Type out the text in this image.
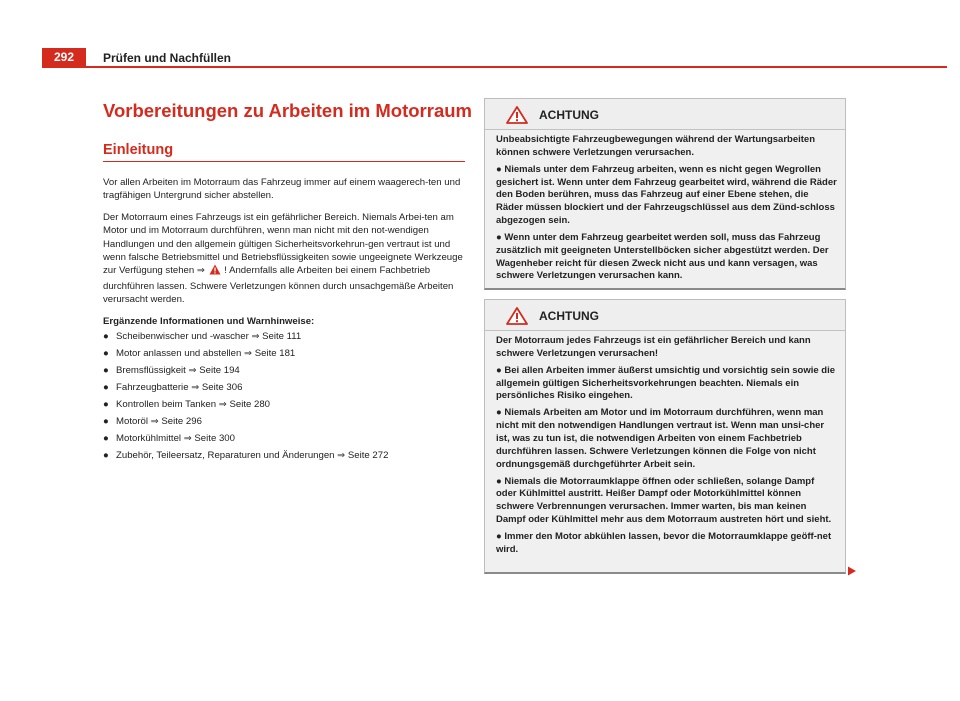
292	Prüfen und Nachfüllen
Vorbereitungen zu Arbeiten im Motorraum
Einleitung

Vor allen Arbeiten im Motorraum das Fahrzeug immer auf einem waagerech-ten und tragfähigen Untergrund sicher abstellen.

Der Motorraum eines Fahrzeugs ist ein gefährlicher Bereich. Niemals Arbei-ten am Motor und im Motorraum durchführen, wenn man nicht mit den not-wendigen Handlungen und den allgemein gültigen Sicherheitsvorkehrun-gen vertraut ist und wenn falsche Betriebsmittel und Betriebsflüssigkeiten sowie ungeeignete Werkzeuge zur Verfügung stehen ⇒ ! Andernfalls alle Arbeiten bei einem Fachbetrieb durchführen lassen. Schwere Verletzungen können durch unsachgemäße Arbeiten verursacht werden.

Ergänzende Informationen und Warnhinweise:

● Scheibenwischer und -wascher ⇒ Seite 111
● Motor anlassen und abstellen ⇒ Seite 181
● Bremsflüssigkeit ⇒ Seite 194
● Fahrzeugbatterie ⇒ Seite 306
● Kontrollen beim Tanken ⇒ Seite 280
● Motoröl ⇒ Seite 296
● Motorkühlmittel ⇒ Seite 300
● Zubehör, Teileersatz, Reparaturen und Änderungen ⇒ Seite 272
ACHTUNG

Unbeabsichtigte Fahrzeugbewegungen während der Wartungsarbeiten können schwere Verletzungen verursachen.

● Niemals unter dem Fahrzeug arbeiten, wenn es nicht gegen Wegrollen gesichert ist. Wenn unter dem Fahrzeug gearbeitet wird, während die Räder den Boden berühren, muss das Fahrzeug auf einer Ebene stehen, die Räder müssen blockiert und der Fahrzeugschlüssel aus dem Zünd-schloss abgezogen sein.

● Wenn unter dem Fahrzeug gearbeitet werden soll, muss das Fahrzeug zusätzlich mit geeigneten Unterstellböcken sicher abgestützt werden. Der Wagenheber reicht für diesen Zweck nicht aus und kann versagen, was schwere Verletzungen verursachen kann.

ACHTUNG

Der Motorraum jedes Fahrzeugs ist ein gefährlicher Bereich und kann schwere Verletzungen verursachen!

● Bei allen Arbeiten immer äußerst umsichtig und vorsichtig sein sowie die allgemein gültigen Sicherheitsvorkehrungen beachten. Niemals ein persönliches Risiko eingehen.

● Niemals Arbeiten am Motor und im Motorraum durchführen, wenn man nicht mit den notwendigen Handlungen vertraut ist. Wenn man unsi-cher ist, was zu tun ist, die notwendigen Arbeiten von einem Fachbetrieb durchführen lassen. Schwere Verletzungen können die Folge von nicht ordnungsgemäß durchgeführter Arbeit sein.

● Niemals die Motorraumklappe öffnen oder schließen, solange Dampf oder Kühlmittel austritt. Heißer Dampf oder Motorkühlmittel können schwere Verbrennungen verursachen. Immer warten, bis man keinen Dampf oder Kühlmittel mehr aus dem Motorraum austreten hört und sieht.

● Immer den Motor abkühlen lassen, bevor die Motorraumklappe geöff-net wird.
